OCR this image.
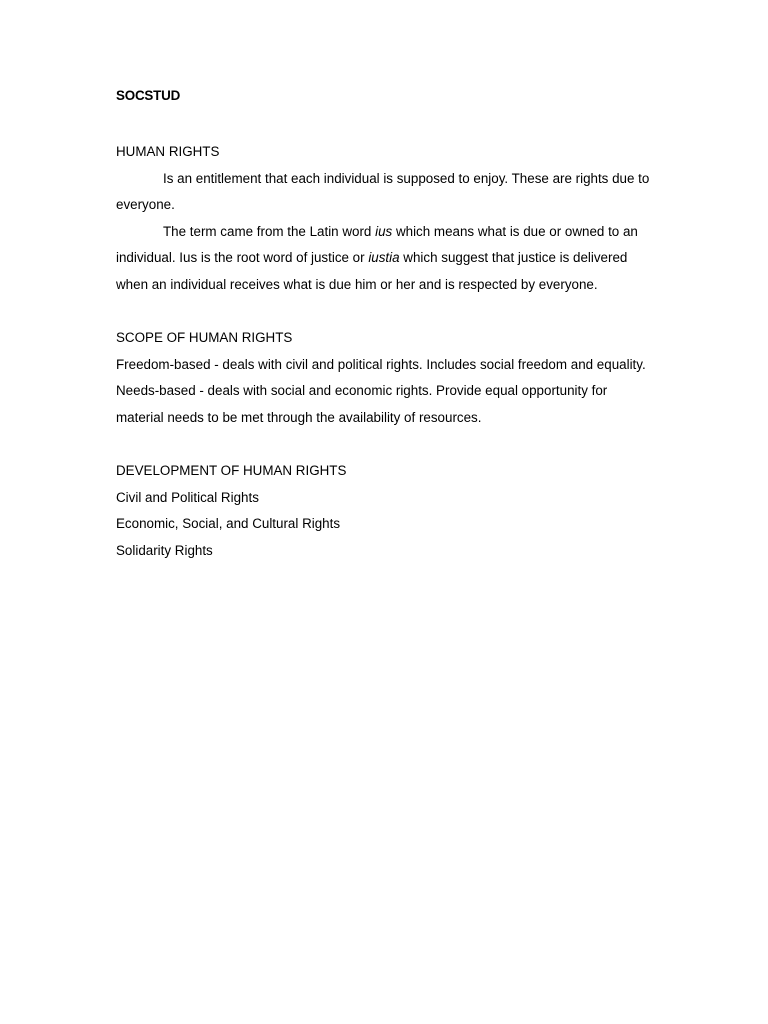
SOCSTUD

HUMAN RIGHTS

Is an entitlement that each individual is supposed to enjoy. These are rights due to everyone.

The term came from the Latin word ius which means what is due or owned to an individual. Ius is the root word of justice or iustia which suggest that justice is delivered when an individual receives what is due him or her and is respected by everyone.

SCOPE OF HUMAN RIGHTS

Freedom-based - deals with civil and political rights. Includes social freedom and equality.

Needs-based - deals with social and economic rights. Provide equal opportunity for material needs to be met through the availability of resources.

DEVELOPMENT OF HUMAN RIGHTS

Civil and Political Rights

Economic, Social, and Cultural Rights

Solidarity Rights
